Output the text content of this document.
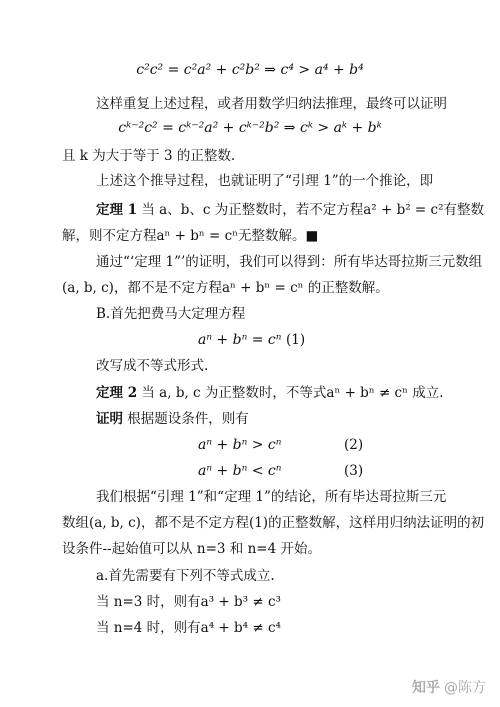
c²c² = c²a² + c²b² ⇒ c⁴ > a⁴ + b⁴
这样重复上述过程，或者用数学归纳法推理，最终可以证明
cᵏ⁻²c² = cᵏ⁻²a² + cᵏ⁻²b² ⇒ cᵏ > aᵏ + bᵏ
且 k 为大于等于 3 的正整数.
上述这个推导过程，也就证明了“引理 1”的一个推论，即
定理 1 当 a、b、c 为正整数时，若不定方程a² + b² = c²有整数
解，则不定方程aⁿ + bⁿ = cⁿ无整数解。■
通过“‘定理 1”’的证明，我们可以得到：所有毕达哥拉斯三元数组
(a, b, c)，都不是不定方程aⁿ + bⁿ = cⁿ 的正整数解。
B.首先把费马大定理方程
aⁿ + bⁿ = cⁿ (1)
改写成不等式形式.
定理 2 当 a, b, c 为正整数时，不等式aⁿ + bⁿ ≠ cⁿ 成立.
证明 根据题设条件，则有
aⁿ + bⁿ > cⁿ	(2)
aⁿ + bⁿ < cⁿ	(3)
我们根据“引理 1”和“定理 1”的结论，所有毕达哥拉斯三元
数组(a, b, c)，都不是不定方程(1)的正整数解，这样用归纳法证明的初
设条件--起始值可以从 n=3 和 n=4 开始。
a.首先需要有下列不等式成立.
当 n=3 时，则有a³ + b³ ≠ c³
当 n=4 时，则有a⁴ + b⁴ ≠ c⁴
知乎 @陈方
